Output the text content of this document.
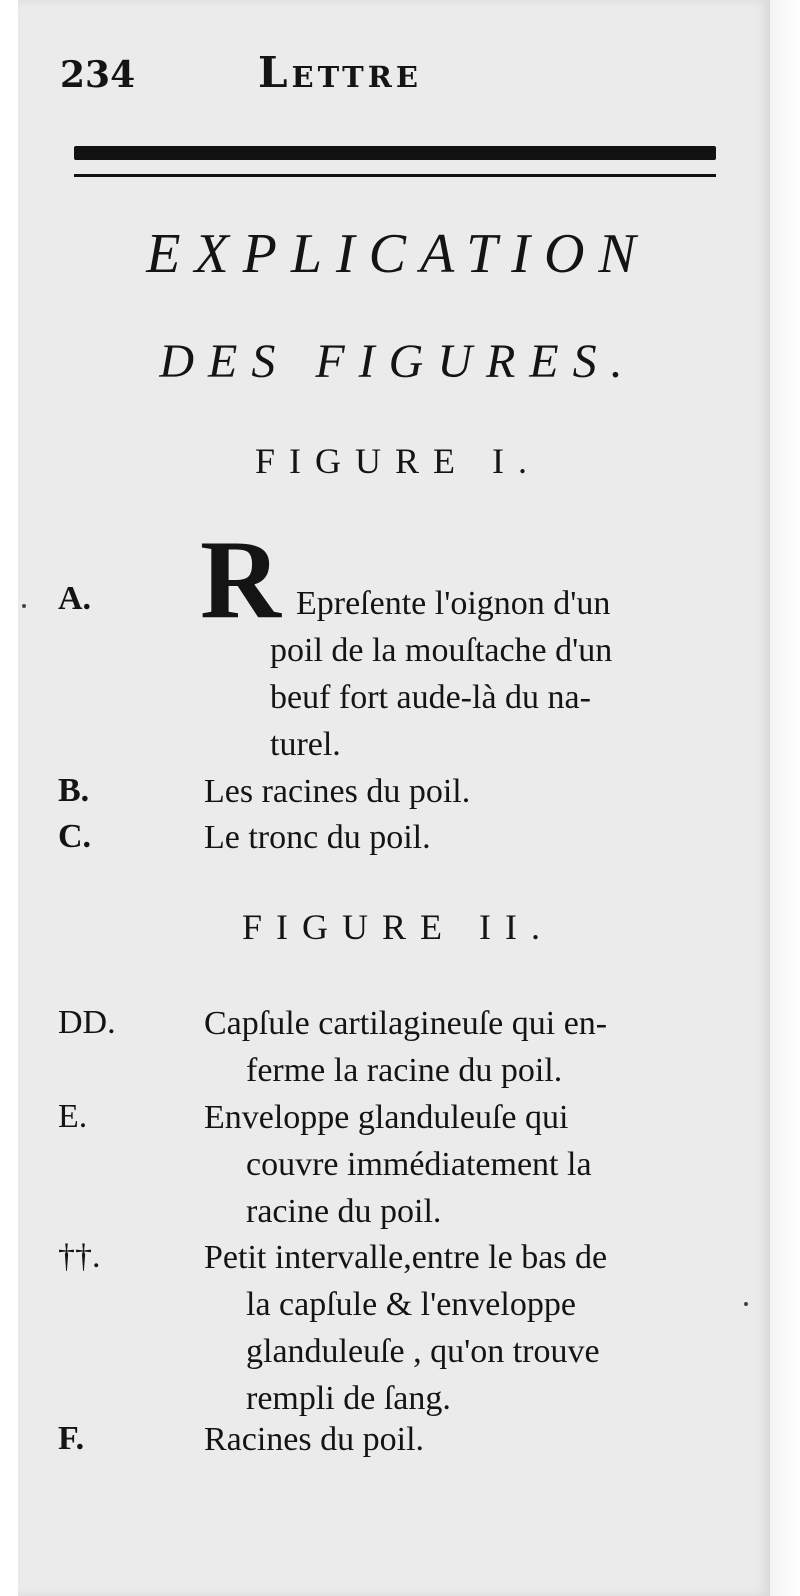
234	Lettre
EXPLICATION
DES FIGURES.
FIGURE I.
R
A.	Epreſente l'oignon d'un
poil de la mouſtache d'un
beuf fort aude-là du na-
turel.
B.	Les racines du poil.
C.	Le tronc du poil.
FIGURE II.
DD.	Capſule cartilagineuſe qui en-
ferme la racine du poil.
E.	Enveloppe glanduleuſe qui
couvre immédiatement la
racine du poil.
††.	Petit intervalle,entre le bas de
la capſule & l'enveloppe
glanduleuſe , qu'on trouve
rempli de ſang.
F.	Racines du poil.
